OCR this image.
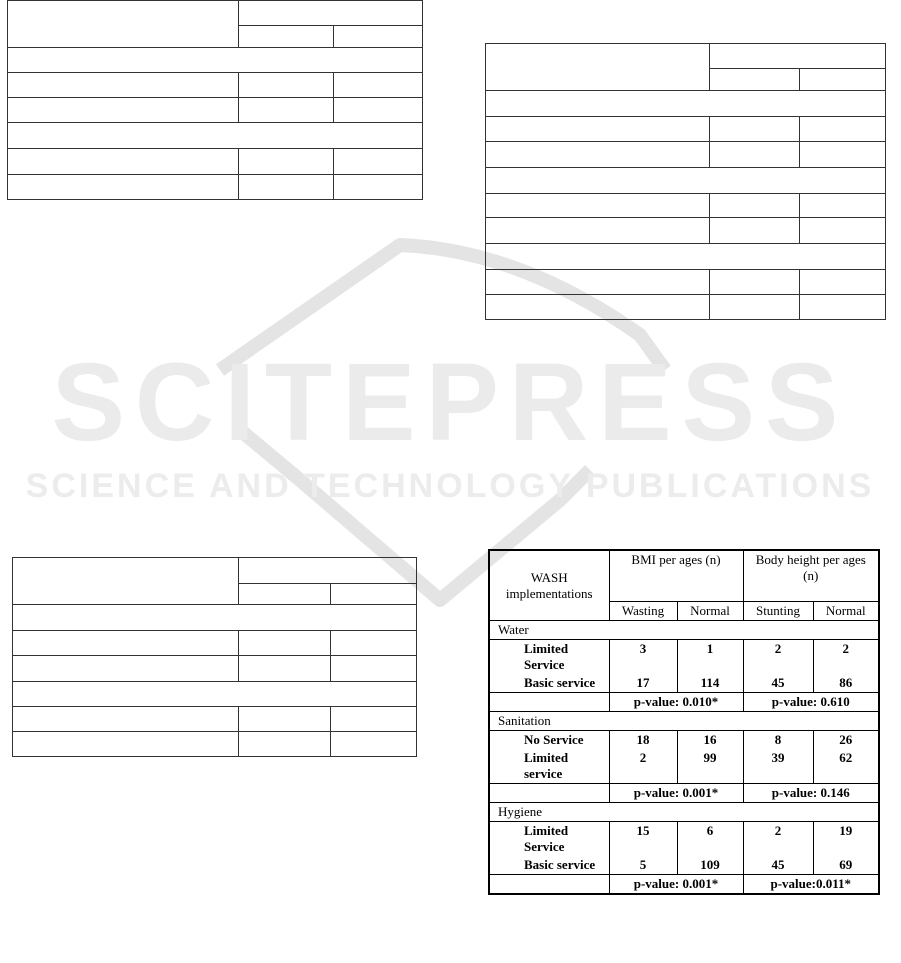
SCITEPRESS
SCIENCE AND TECHNOLOGY PUBLICATIONS

WASH implementations	BMI per ages (n)		Body height per ages (n)	
	Wasting	Normal	Stunting	Normal
Water				
Limited Service	3	1	2	2
Basic service	17	114	45	86
	p-value: 0.010*		p-value: 0.610	
Sanitation				
No Service	18	16	8	26
Limited service	2	99	39	62
	p-value: 0.001*		p-value: 0.146	
Hygiene				
Limited Service	15	6	2	19
Basic service	5	109	45	69
	p-value: 0.001*		p-value:0.011*	
